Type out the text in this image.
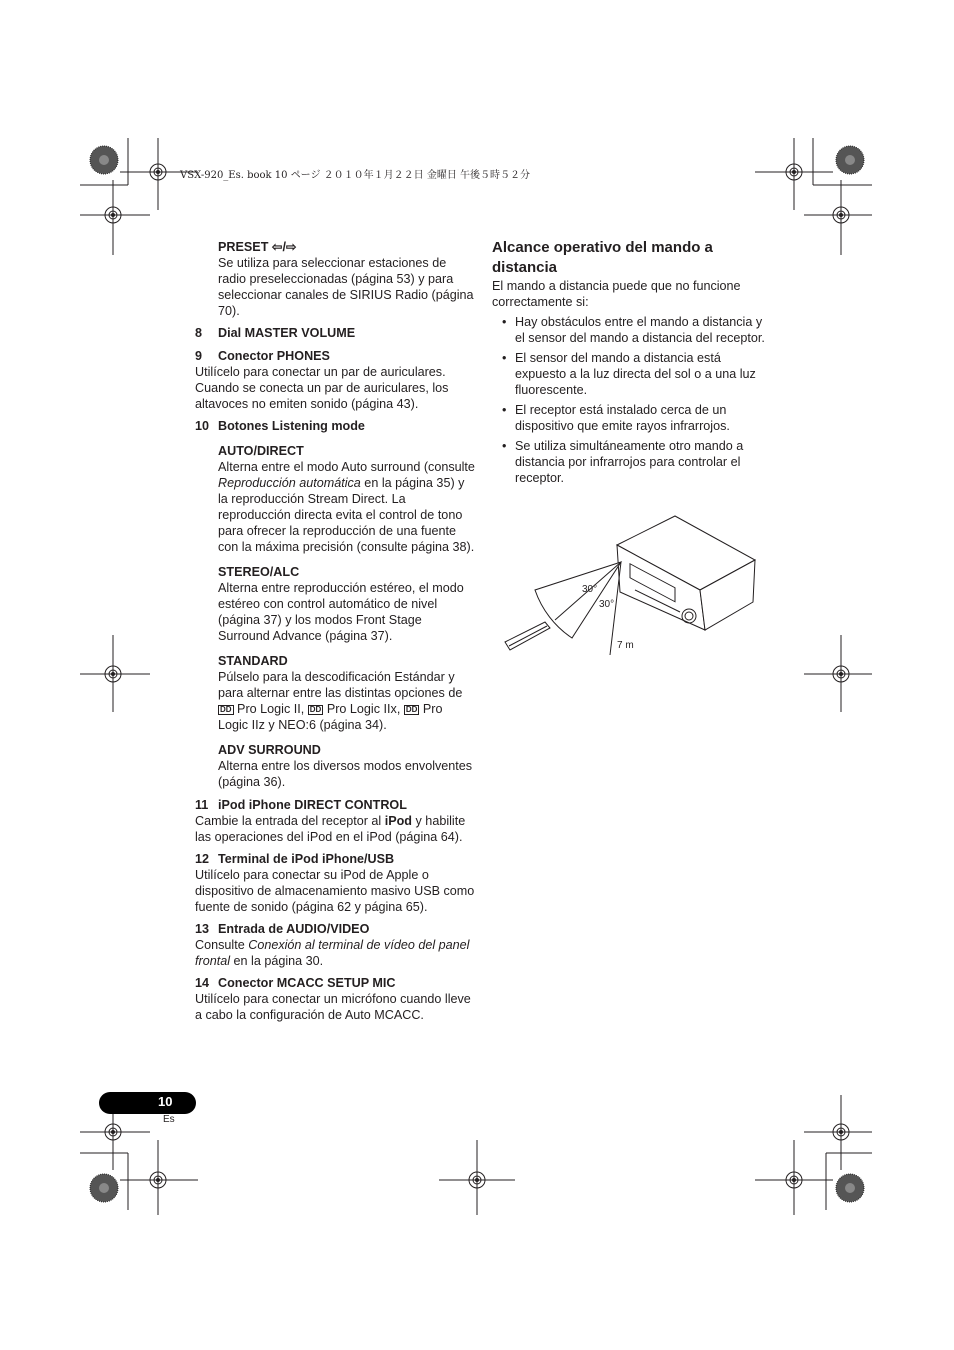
VSX-920_Es. book 10 ページ ２０１０年１月２２日 金曜日 午後５時５２分

PRESET ⇦/⇨

Se utiliza para seleccionar estaciones de radio preseleccionadas (página 53) y para seleccionar canales de SIRIUS Radio (página 70).

8 Dial MASTER VOLUME

9 Conector PHONES

Utilícelo para conectar un par de auriculares. Cuando se conecta un par de auriculares, los altavoces no emiten sonido (página 43).

10 Botones Listening mode

AUTO/DIRECT

Alterna entre el modo Auto surround (consulte Reproducción automática en la página 35) y la reproducción Stream Direct. La reproducción directa evita el control de tono para ofrecer la reproducción de una fuente con la máxima precisión (consulte página 38).

STEREO/ALC

Alterna entre reproducción estéreo, el modo estéreo con control automático de nivel (página 37) y los modos Front Stage Surround Advance (página 37).

STANDARD

Púlselo para la descodificación Estándar y para alternar entre las distintas opciones de DD Pro Logic II, DD Pro Logic IIx, DD Pro Logic IIz y NEO:6 (página 34).

ADV SURROUND

Alterna entre los diversos modos envolventes (página 36).

11 iPod iPhone DIRECT CONTROL

Cambie la entrada del receptor al iPod y habilite las operaciones del iPod en el iPod (página 64).

12 Terminal de iPod iPhone/USB

Utilícelo para conectar su iPod de Apple o dispositivo de almacenamiento masivo USB como fuente de sonido (página 62 y página 65).

13 Entrada de AUDIO/VIDEO

Consulte Conexión al terminal de vídeo del panel frontal en la página 30.

14 Conector MCACC SETUP MIC

Utilícelo para conectar un micrófono cuando lleve a cabo la configuración de Auto MCACC.

Alcance operativo del mando a distancia

El mando a distancia puede que no funcione correctamente si:

• Hay obstáculos entre el mando a distancia y el sensor del mando a distancia del receptor.
• El sensor del mando a distancia está expuesto a la luz directa del sol o a una luz fluorescente.
• El receptor está instalado cerca de un dispositivo que emite rayos infrarrojos.
• Se utiliza simultáneamente otro mando a distancia por infrarrojos para controlar el receptor.
30°
30°
7 m
10
Es
